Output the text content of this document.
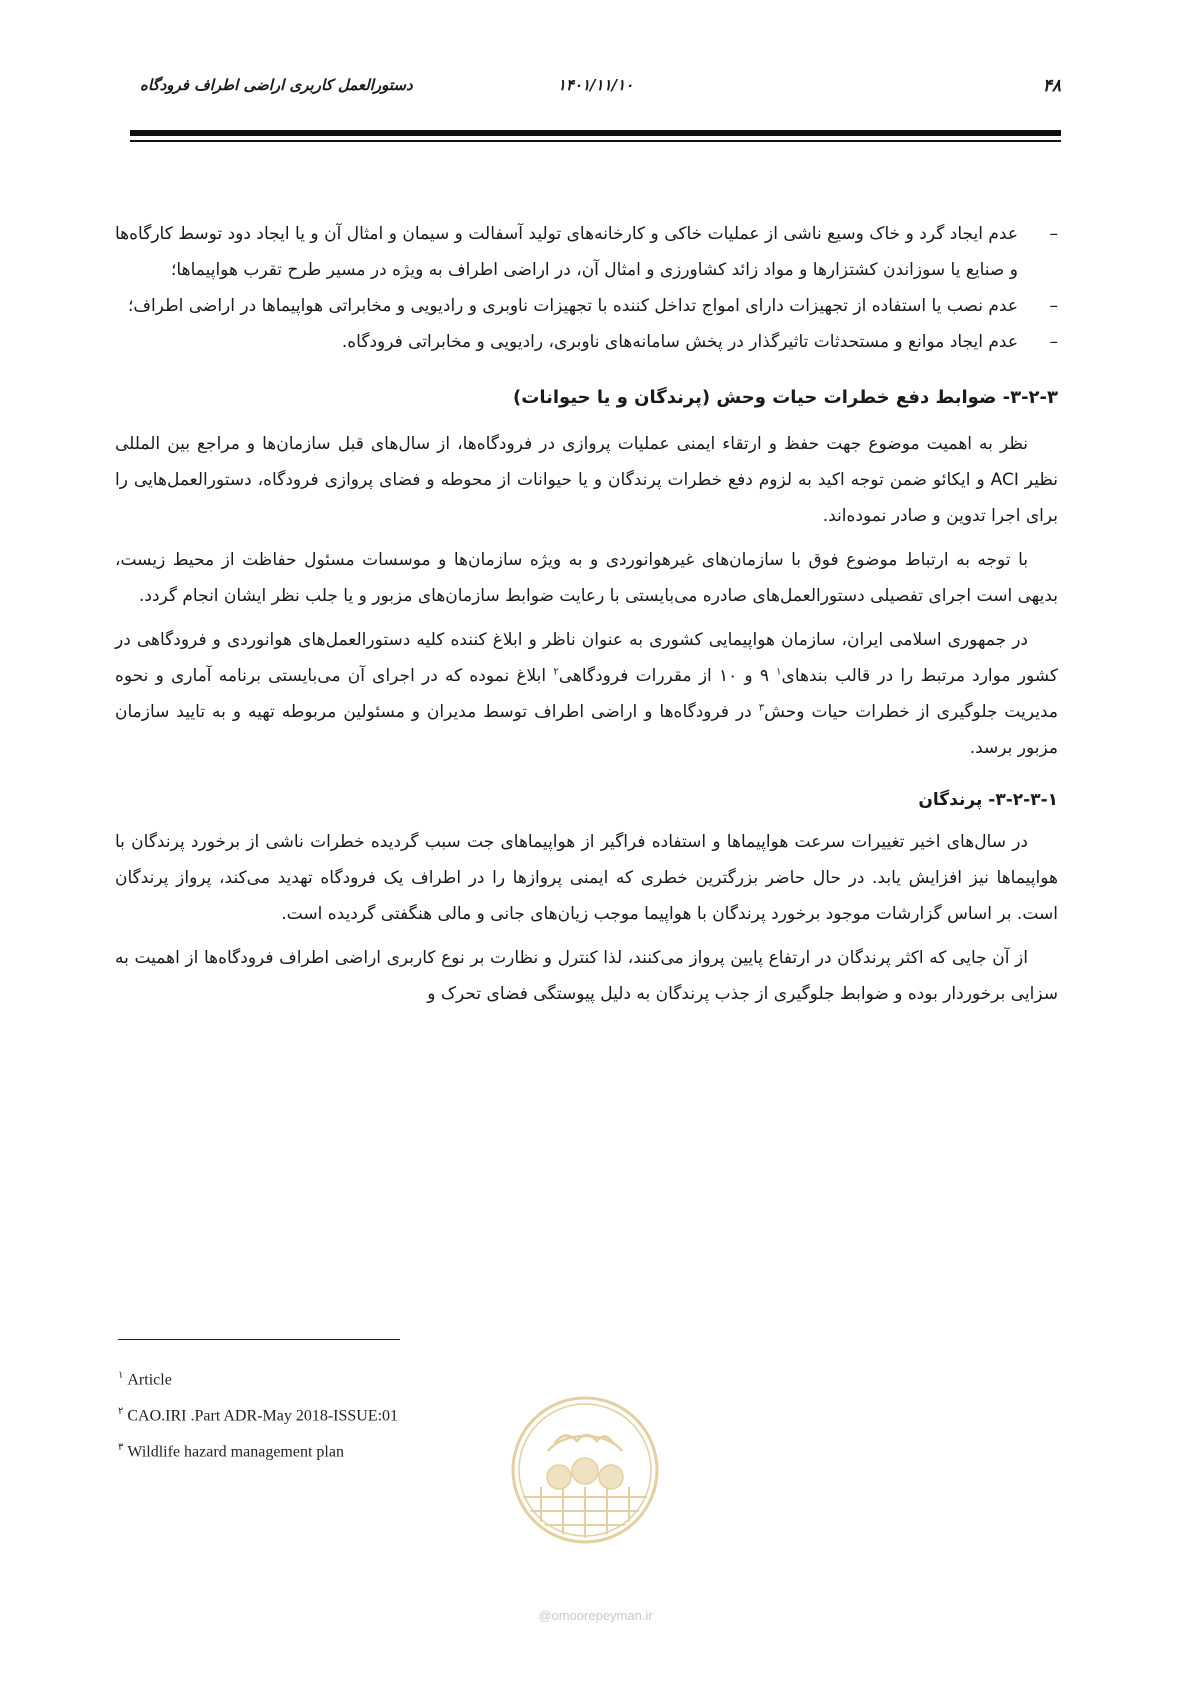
۴۸
۱۴۰۱/۱۱/۱۰
دستورالعمل کاربری اراضی اطراف فرودگاه
–
عدم ایجاد گرد و خاک وسیع ناشی از عملیات خاکی و کارخانه‌های تولید آسفالت و سیمان و امثال آن و یا ایجاد دود توسط کارگاه‌ها و صنایع یا سوزاندن کشتزارها و مواد زائد کشاورزی و امثال آن، در اراضی اطراف به ویژه در مسیر طرح تقرب هواپیماها؛
–
عدم نصب یا استفاده از تجهیزات دارای امواج تداخل کننده با تجهیزات ناوبری و رادیویی و مخابراتی هواپیماها در اراضی اطراف؛
–
عدم ایجاد موانع و مستحدثات تاثیرگذار در پخش سامانه‌های ناوبری، رادیویی و مخابراتی فرودگاه.
۳-۲-۳- ضوابط دفع خطرات حیات وحش (پرندگان و یا حیوانات)

نظر به اهمیت موضوع جهت حفظ و ارتقاء ایمنی عملیات پروازی در فرودگاه‌ها، از سال‌های قبل سازمان‌ها و مراجع بین المللی نظیر ACI و ایکائو ضمن توجه اکید به لزوم دفع خطرات پرندگان و یا حیوانات از محوطه و فضای پروازی فرودگاه، دستورالعمل‌هایی را برای اجرا تدوین و صادر نموده‌اند.

با توجه به ارتباط موضوع فوق با سازمان‌های غیرهوانوردی و به ویژه سازمان‌ها و موسسات مسئول حفاظت از محیط زیست، بدیهی است اجرای تفصیلی دستورالعمل‌های صادره می‌بایستی با رعایت ضوابط سازمان‌های مزبور و یا جلب نظر ایشان انجام گردد.

در جمهوری اسلامی ایران، سازمان هواپیمایی کشوری به عنوان ناظر و ابلاغ کننده کلیه دستورالعمل‌های هوانوردی و فرودگاهی در کشور موارد مرتبط را در قالب بندهای$^۱$ ۹ و ۱۰ از مقررات فرودگاهی$^۲$ ابلاغ نموده که در اجرای آن می‌بایستی برنامه آماری و نحوه مدیریت جلوگیری از خطرات حیات وحش$^۳$ در فرودگاه‌ها و اراضی اطراف توسط مدیران و مسئولین مربوطه تهیه و به تایید سازمان مزبور برسد.

۳-۲-۳-۱- پرندگان

در سال‌های اخیر تغییرات سرعت هواپیماها و استفاده فراگیر از هواپیماهای جت سبب گردیده خطرات ناشی از برخورد پرندگان با هواپیماها نیز افزایش یابد. در حال حاضر بزرگترین خطری که ایمنی پروازها را در اطراف یک فرودگاه تهدید می‌کند، پرواز پرندگان است. بر اساس گزارشات موجود برخورد پرندگان با هواپیما موجب زیان‌های جانی و مالی هنگفتی گردیده است.

از آن جایی که اکثر پرندگان در ارتفاع پایین پرواز می‌کنند، لذا کنترل و نظارت بر نوع کاربری اراضی اطراف فرودگاه‌ها از اهمیت به سزایی برخوردار بوده و ضوابط جلوگیری از جذب پرندگان به دلیل پیوستگی فضای تحرک و

$^۱$ Article
$^۲$ CAO.IRI .Part ADR-May 2018-ISSUE:01
$^۳$ Wildlife hazard management plan
@omoorepeyman.ir
